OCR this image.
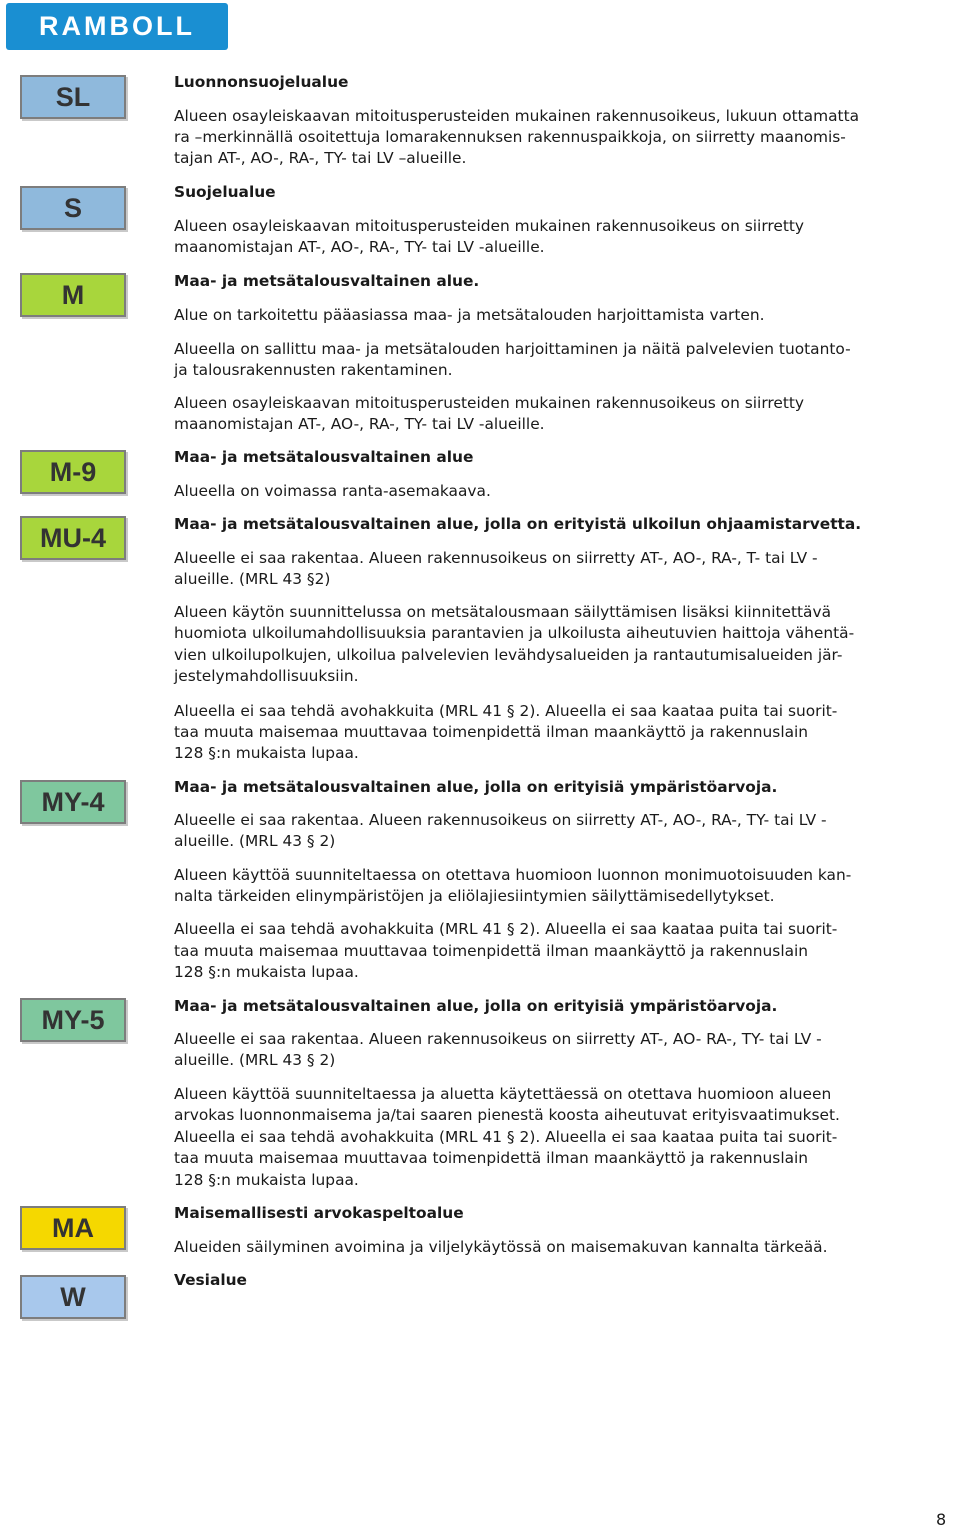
RAMBOLL
SL
S
M
M-9
MU-4
MY-4
MY-5
MA
W
Luonnonsuojelualue
Alueen osayleiskaavan mitoitusperusteiden mukainen rakennusoikeus, lukuun ottamatta
ra –merkinnällä osoitettuja lomarakennuksen rakennuspaikkoja, on siirretty maanomis-
tajan AT-, AO-, RA-, TY- tai LV –alueille.
Suojelualue
Alueen osayleiskaavan mitoitusperusteiden mukainen rakennusoikeus on siirretty
maanomistajan AT-, AO-, RA-, TY- tai LV -alueille.
Maa- ja metsätalousvaltainen alue.
Alue on tarkoitettu pääasiassa maa- ja metsätalouden harjoittamista varten.
Alueella on sallittu maa- ja metsätalouden harjoittaminen ja näitä palvelevien tuotanto-
ja talousrakennusten rakentaminen.
Alueen osayleiskaavan mitoitusperusteiden mukainen rakennusoikeus on siirretty
maanomistajan AT-, AO-, RA-, TY- tai LV -alueille.
Maa- ja metsätalousvaltainen alue
Alueella on voimassa ranta-asemakaava.
Maa- ja metsätalousvaltainen alue, jolla on erityistä ulkoilun ohjaamistarvetta.
Alueelle ei saa rakentaa. Alueen rakennusoikeus on siirretty AT-, AO-, RA-, T- tai LV -
alueille. (MRL 43 §2)
Alueen käytön suunnittelussa on metsätalousmaan säilyttämisen lisäksi kiinnitettävä
huomiota ulkoilumahdollisuuksia parantavien ja ulkoilusta aiheutuvien haittoja vähentä-
vien ulkoilupolkujen, ulkoilua palvelevien levähdysalueiden ja rantautumisalueiden jär-
jestelymahdollisuuksiin.
Alueella ei saa tehdä avohakkuita (MRL 41 § 2). Alueella ei saa kaataa puita tai suorit-
taa muuta maisemaa muuttavaa toimenpidettä ilman maankäyttö ja rakennuslain
128 §:n mukaista lupaa.
Maa- ja metsätalousvaltainen alue, jolla on erityisiä ympäristöarvoja.
Alueelle ei saa rakentaa. Alueen rakennusoikeus on siirretty AT-, AO-, RA-, TY- tai LV -
alueille. (MRL 43 § 2)
Alueen käyttöä suunniteltaessa on otettava huomioon luonnon monimuotoisuuden kan-
nalta tärkeiden elinympäristöjen ja eliölajiesiintymien säilyttämisedellytykset.
Alueella ei saa tehdä avohakkuita (MRL 41 § 2). Alueella ei saa kaataa puita tai suorit-
taa muuta maisemaa muuttavaa toimenpidettä ilman maankäyttö ja rakennuslain
128 §:n mukaista lupaa.
Maa- ja metsätalousvaltainen alue, jolla on erityisiä ympäristöarvoja.
Alueelle ei saa rakentaa. Alueen rakennusoikeus on siirretty AT-, AO- RA-, TY- tai LV -
alueille. (MRL 43 § 2)
Alueen käyttöä suunniteltaessa ja aluetta käytettäessä on otettava huomioon alueen
arvokas luonnonmaisema ja/tai saaren pienestä koosta aiheutuvat erityisvaatimukset.
Alueella ei saa tehdä avohakkuita (MRL 41 § 2). Alueella ei saa kaataa puita tai suorit-
taa muuta maisemaa muuttavaa toimenpidettä ilman maankäyttö ja rakennuslain
128 §:n mukaista lupaa.
Maisemallisesti arvokaspeltoalue
Alueiden säilyminen avoimina ja viljelykäytössä on maisemakuvan kannalta tärkeää.
Vesialue
8
